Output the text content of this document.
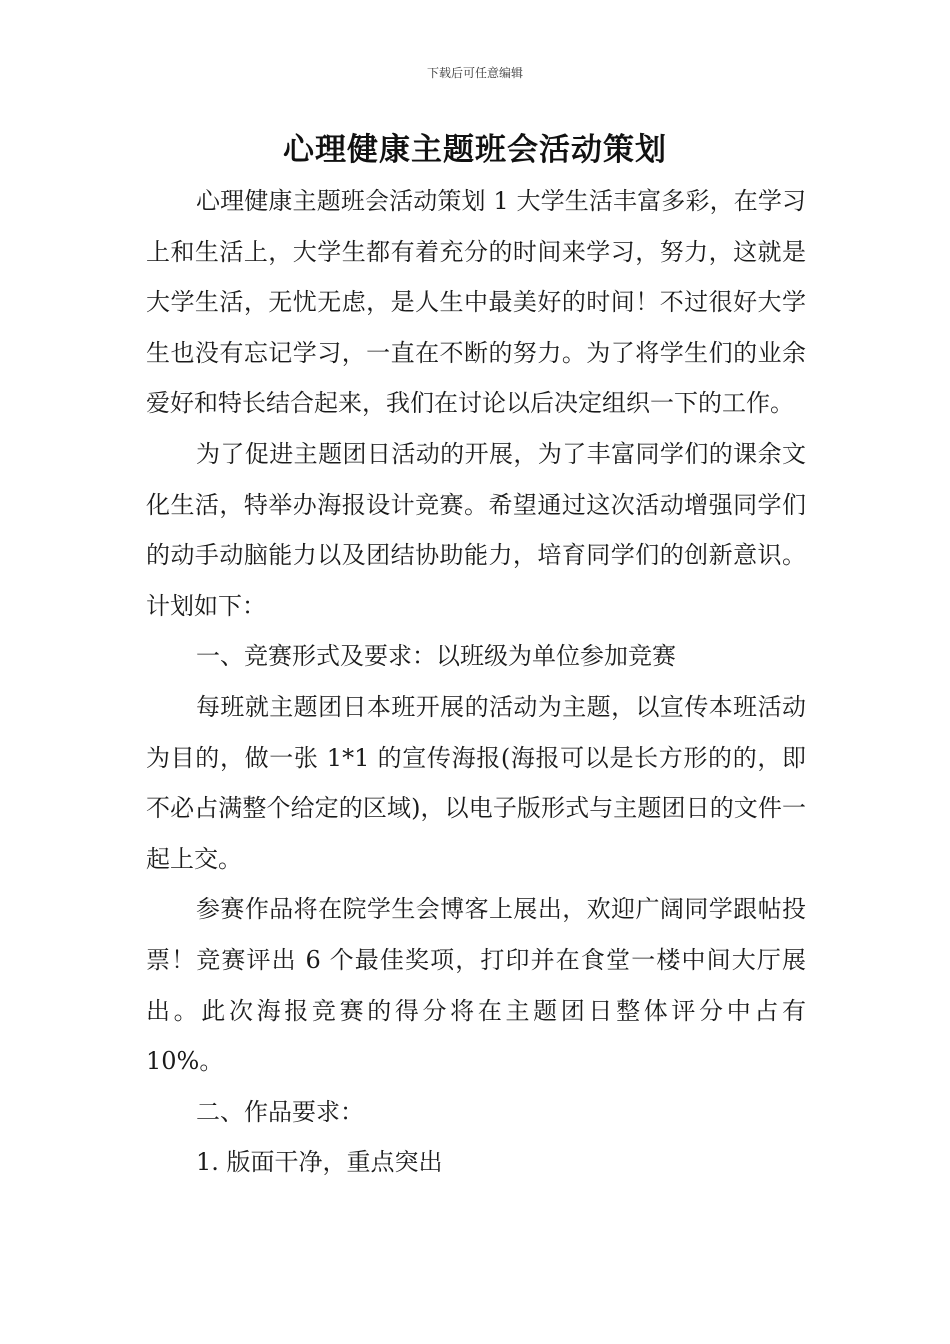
下载后可任意编辑
心理健康主题班会活动策划

心理健康主题班会活动策划 1 大学生活丰富多彩，在学习上和生活上，大学生都有着充分的时间来学习，努力，这就是大学生活，无忧无虑，是人生中最美好的时间！不过很好大学生也没有忘记学习，一直在不断的努力。为了将学生们的业余爱好和特长结合起来，我们在讨论以后决定组织一下的工作。

为了促进主题团日活动的开展，为了丰富同学们的课余文化生活，特举办海报设计竞赛。希望通过这次活动增强同学们的动手动脑能力以及团结协助能力，培育同学们的创新意识。计划如下：

一、竞赛形式及要求：以班级为单位参加竞赛

每班就主题团日本班开展的活动为主题，以宣传本班活动为目的，做一张 1*1 的宣传海报(海报可以是长方形的的，即不必占满整个给定的区域)，以电子版形式与主题团日的文件一起上交。

参赛作品将在院学生会博客上展出，欢迎广阔同学跟帖投票！竞赛评出 6 个最佳奖项，打印并在食堂一楼中间大厅展出。此次海报竞赛的得分将在主题团日整体评分中占有 10%。

二、作品要求：

1. 版面干净，重点突出
